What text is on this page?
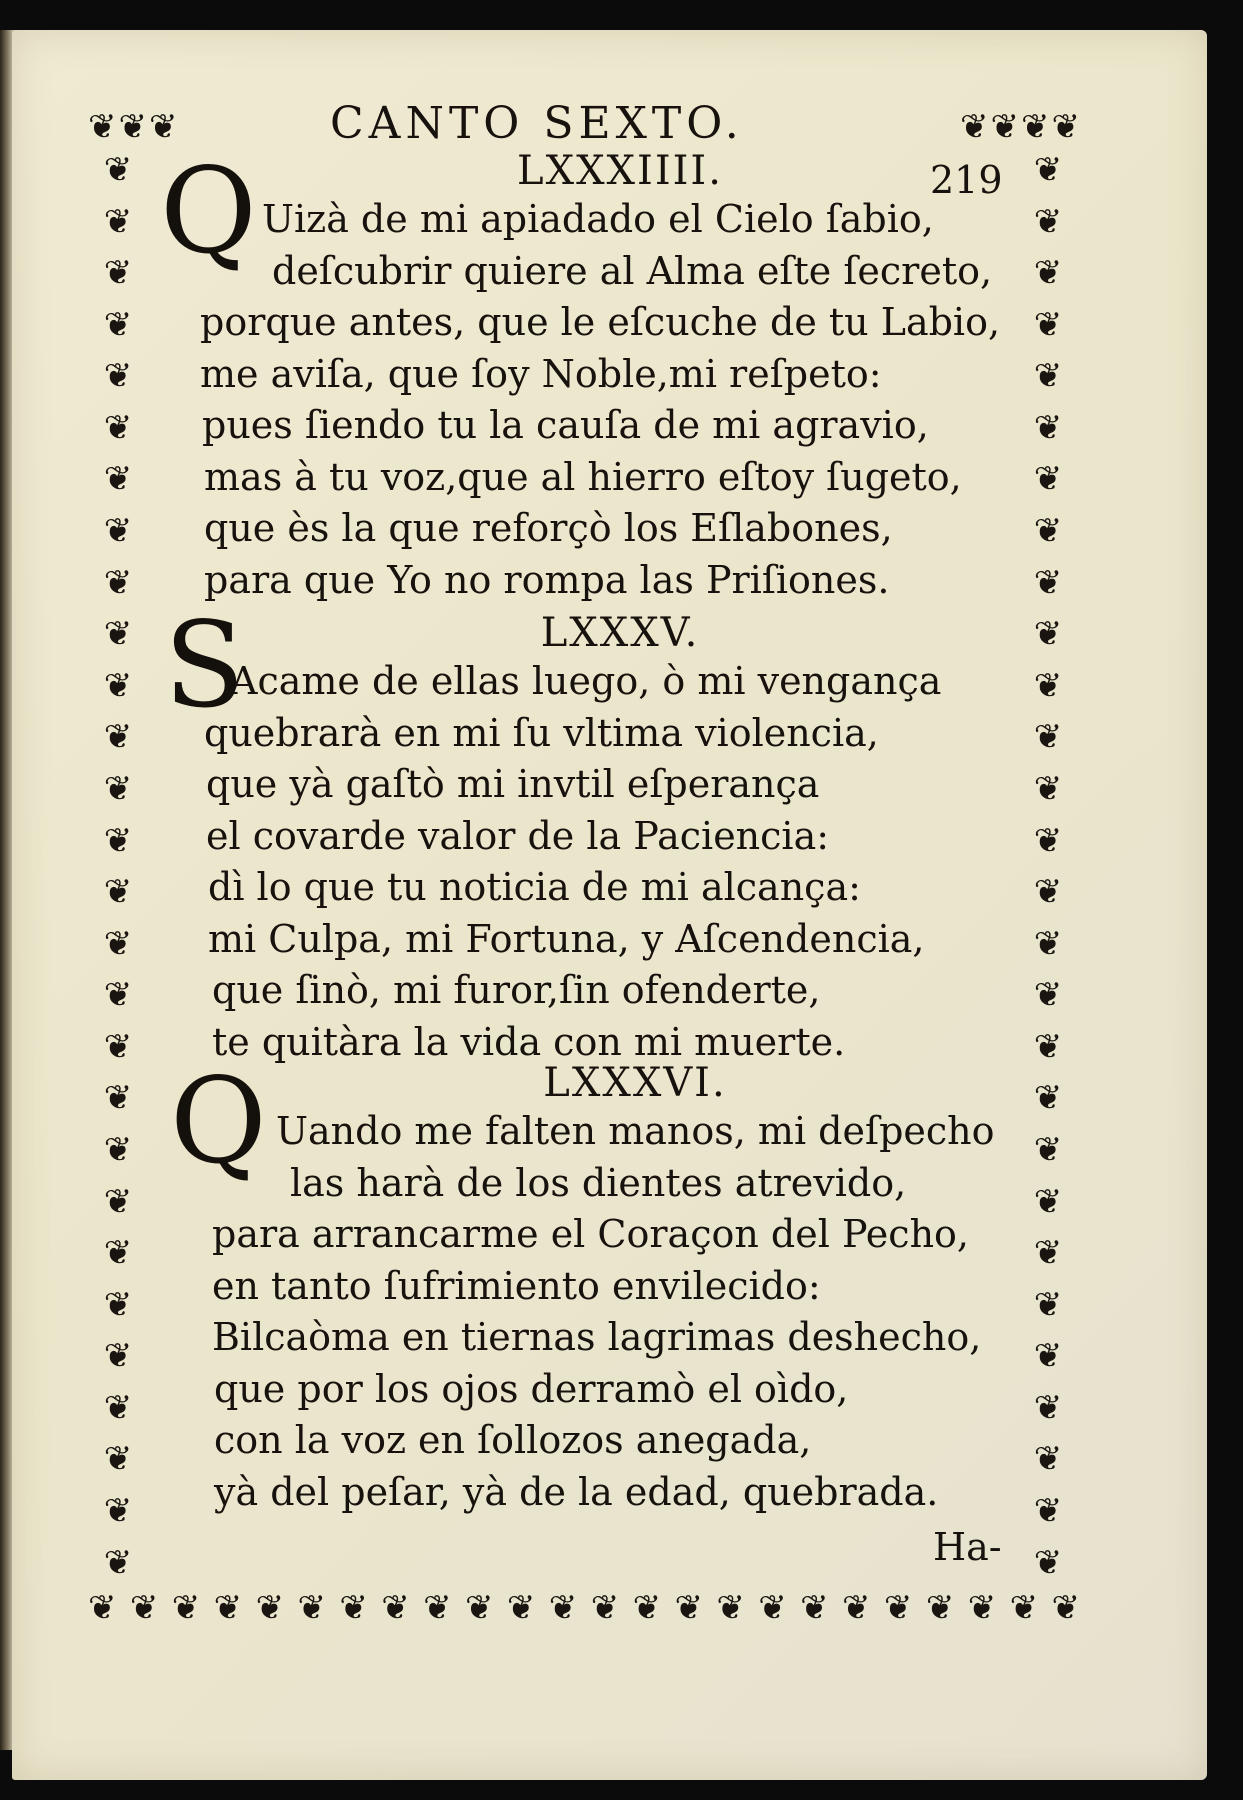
❦ ❦ ❦	❦ ❦ ❦ ❦
❦
❦
❦
❦
❦
❦
❦
❦
❦
❦
❦
❦
❦
❦
❦
❦
❦
❦
❦
❦
❦
❦
❦
❦
❦
❦
❦
❦
❦
❦
❦
❦
❦
❦
❦
❦
❦
❦
❦
❦
❦
❦
❦
❦
❦
❦
❦
❦
❦
❦
❦
❦
❦
❦
❦
❦
❦ ❦ ❦ ❦ ❦ ❦ ❦ ❦ ❦ ❦ ❦ ❦ ❦ ❦ ❦ ❦ ❦ ❦ ❦ ❦ ❦ ❦ ❦ ❦
CANTO SEXTO.
219
LXXXIIII.
Q Uizà de mi apiadado el Cielo ſabio,
deſcubrir quiere al Alma eſte ſecreto,
porque antes, que le eſcuche de tu Labio,
me aviſa, que ſoy Noble,mi reſpeto:
pues ſiendo tu la cauſa de mi agravio,
mas à tu voz,que al hierro eſtoy ſugeto,
que ès la que reforçò los Eſlabones,
para que Yo no rompa las Priſiones.
LXXXV.
S
Acame de ellas luego, ò mi vengança
quebrarà en mi ſu vltima violencia,
que yà gaſtò mi invtil eſperança
el covarde valor de la Paciencia:
dì lo que tu noticia de mi alcança:
mi Culpa, mi Fortuna, y Aſcendencia,
que ſinò, mi furor,ſin ofenderte,
te quitàra la vida con mi muerte.
LXXXVI.
Q Uando me falten manos, mi deſpecho
las harà de los dientes atrevido,
para arrancarme el Coraçon del Pecho,
en tanto ſufrimiento envilecido:
Bilcaòma en tiernas lagrimas deshecho,
que por los ojos derramò el oìdo,
con la voz en ſollozos anegada,
yà del peſar, yà de la edad, quebrada.
Ha-
